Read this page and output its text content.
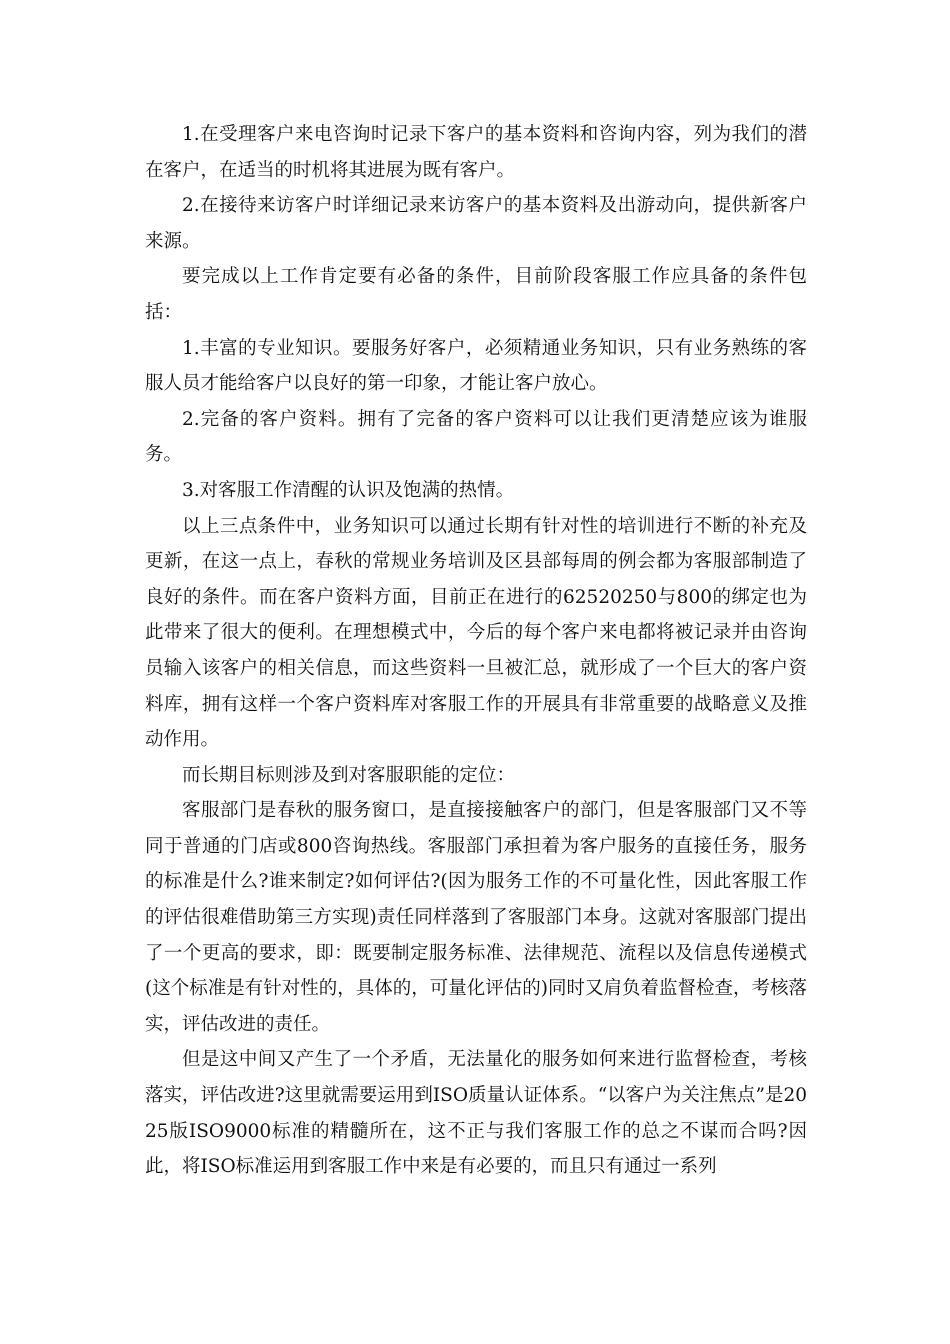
1.在受理客户来电咨询时记录下客户的基本资料和咨询内容，列为我们的潜在客户，在适当的时机将其进展为既有客户。

2.在接待来访客户时详细记录来访客户的基本资料及出游动向，提供新客户来源。

要完成以上工作肯定要有必备的条件，目前阶段客服工作应具备的条件包括：

1.丰富的专业知识。要服务好客户，必须精通业务知识，只有业务熟练的客服人员才能给客户以良好的第一印象，才能让客户放心。

2.完备的客户资料。拥有了完备的客户资料可以让我们更清楚应该为谁服务。

3.对客服工作清醒的认识及饱满的热情。

以上三点条件中，业务知识可以通过长期有针对性的培训进行不断的补充及更新，在这一点上，春秋的常规业务培训及区县部每周的例会都为客服部制造了良好的条件。而在客户资料方面，目前正在进行的62520250与800的绑定也为此带来了很大的便利。在理想模式中，今后的每个客户来电都将被记录并由咨询员输入该客户的相关信息，而这些资料一旦被汇总，就形成了一个巨大的客户资料库，拥有这样一个客户资料库对客服工作的开展具有非常重要的战略意义及推动作用。

而长期目标则涉及到对客服职能的定位：

客服部门是春秋的服务窗口，是直接接触客户的部门，但是客服部门又不等同于普通的门店或800咨询热线。客服部门承担着为客户服务的直接任务，服务的标准是什么?谁来制定?如何评估?(因为服务工作的不可量化性，因此客服工作的评估很难借助第三方实现)责任同样落到了客服部门本身。这就对客服部门提出了一个更高的要求，即：既要制定服务标准、法律规范、流程以及信息传递模式(这个标准是有针对性的，具体的，可量化评估的)同时又肩负着监督检查，考核落实，评估改进的责任。

但是这中间又产生了一个矛盾，无法量化的服务如何来进行监督检查，考核落实，评估改进?这里就需要运用到ISO质量认证体系。“以客户为关注焦点”是2025版ISO9000标准的精髓所在，这不正与我们客服工作的总之不谋而合吗?因此，将ISO标准运用到客服工作中来是有必要的，而且只有通过一系列
